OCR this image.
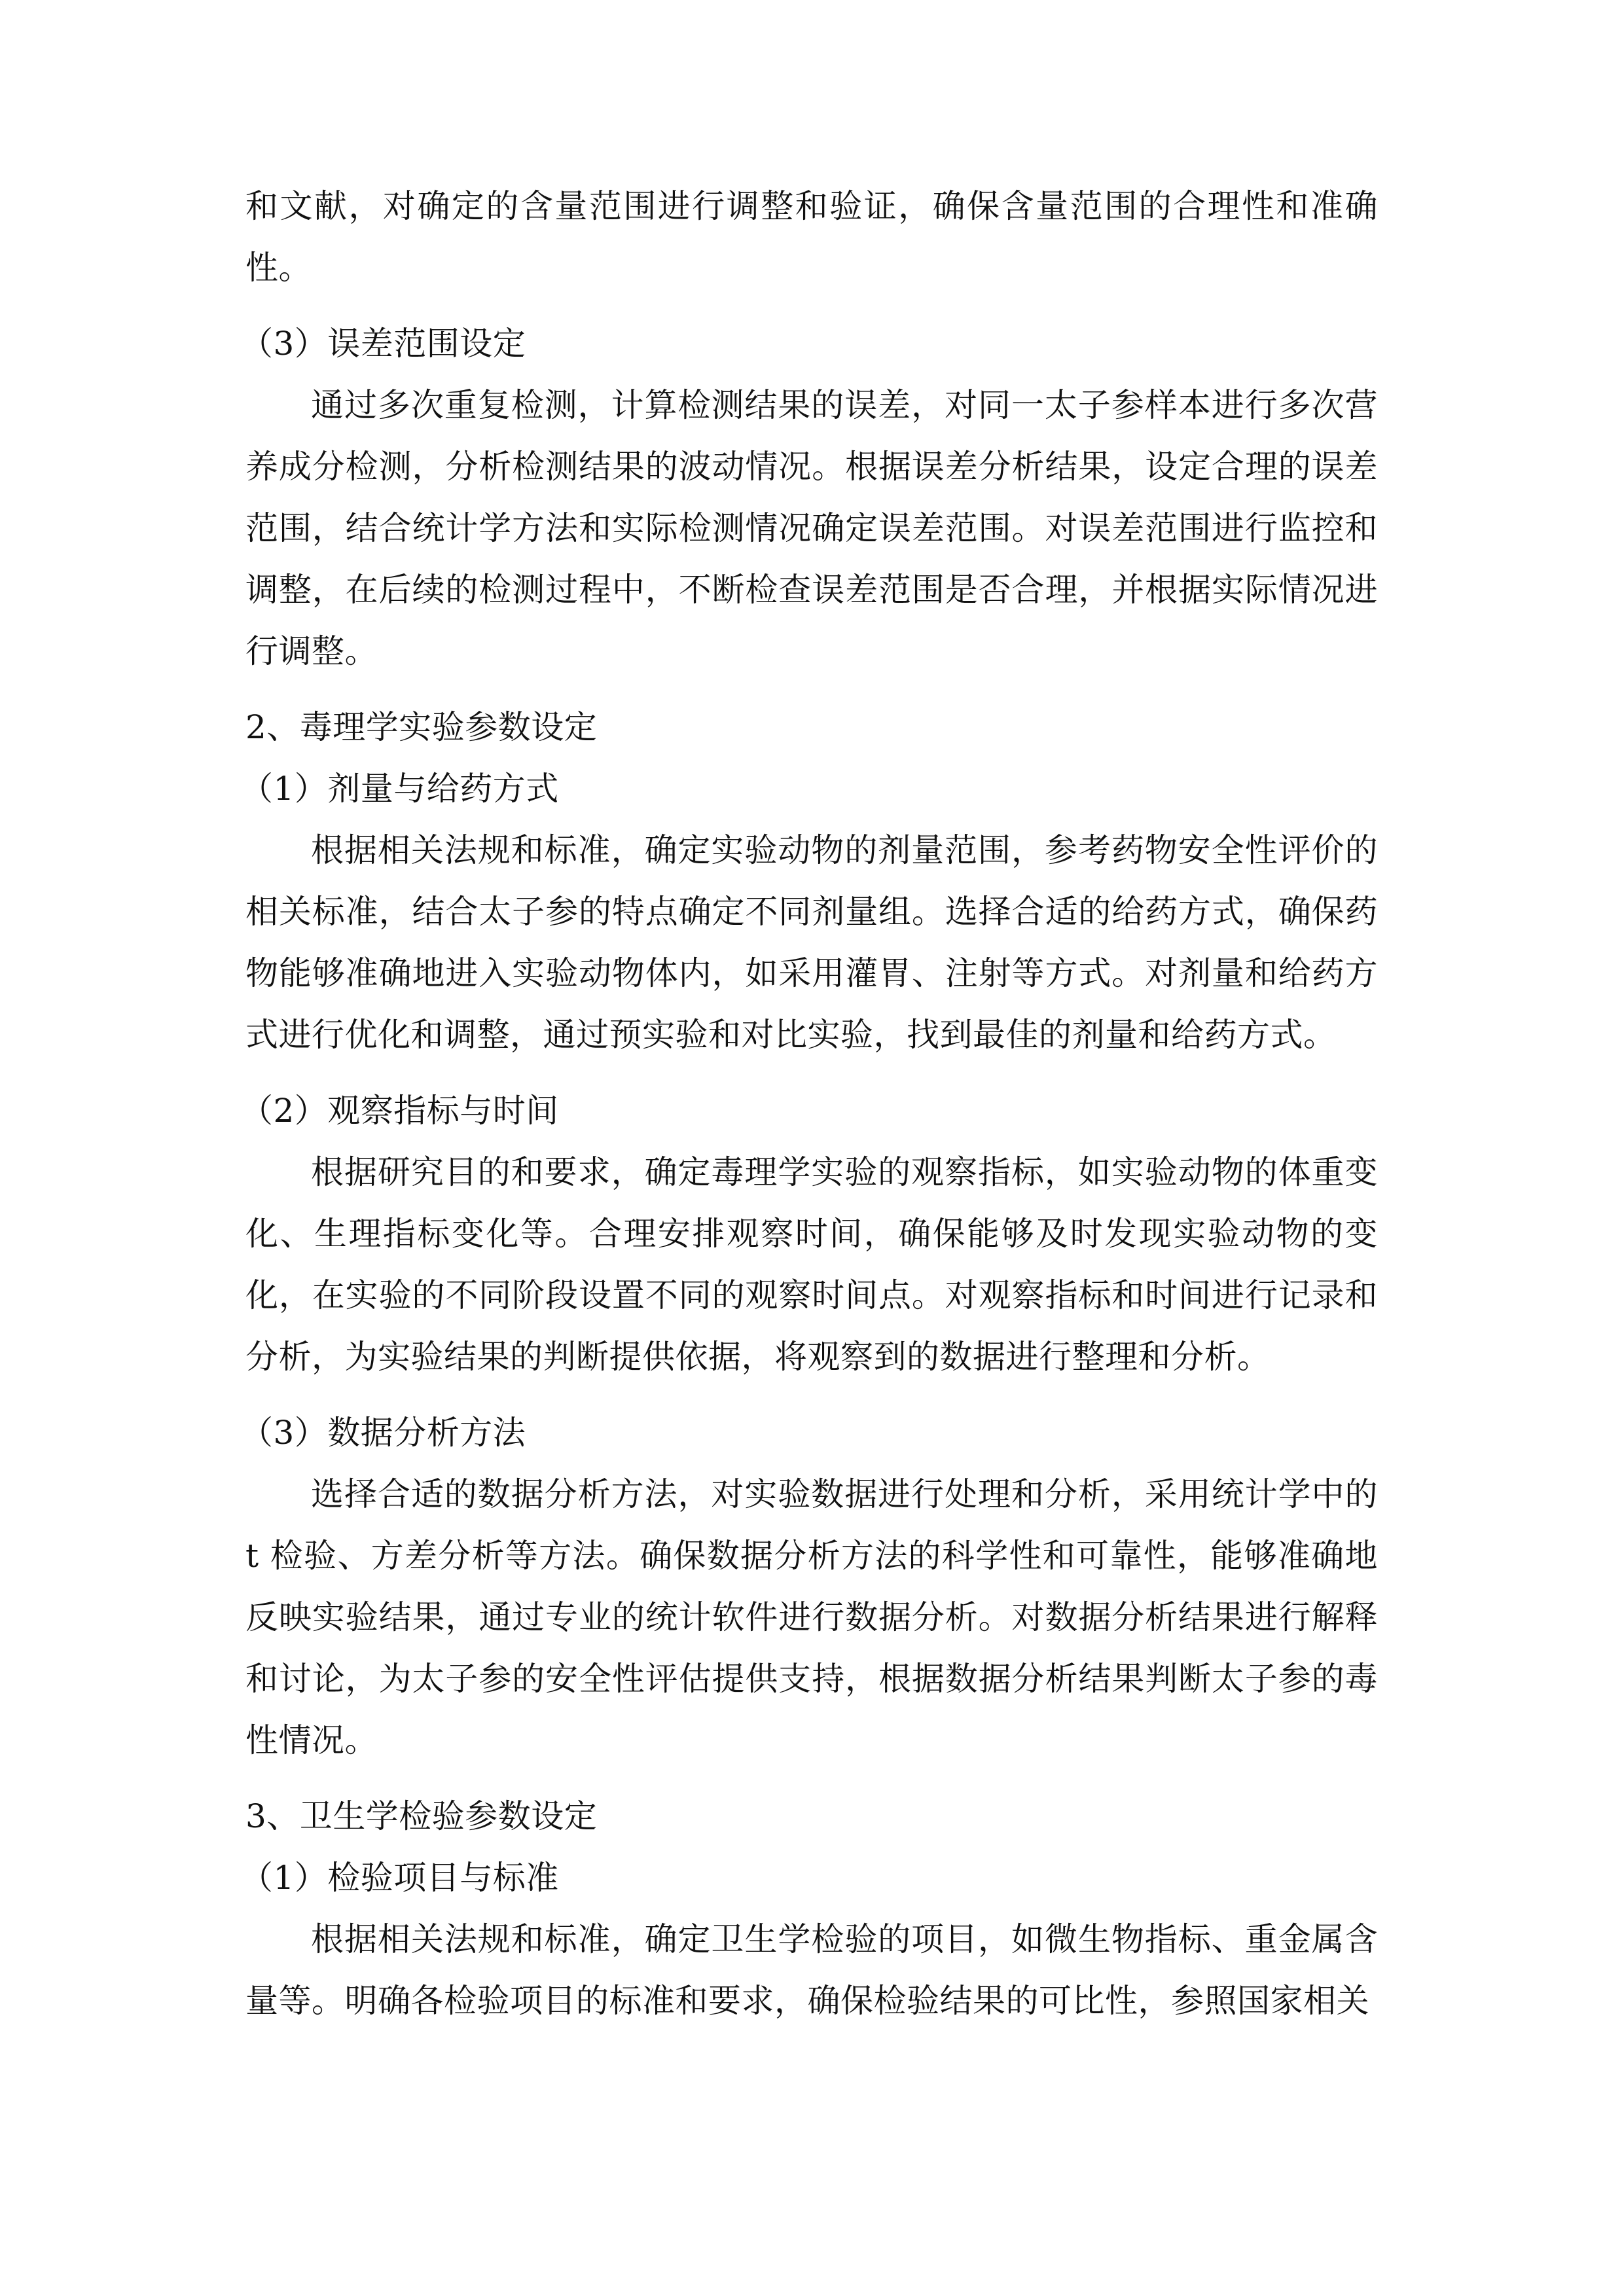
和文献，对确定的含量范围进行调整和验证，确保含量范围的合理性和准确性。

（3）误差范围设定

通过多次重复检测，计算检测结果的误差，对同一太子参样本进行多次营养成分检测，分析检测结果的波动情况。根据误差分析结果，设定合理的误差范围，结合统计学方法和实际检测情况确定误差范围。对误差范围进行监控和调整，在后续的检测过程中，不断检查误差范围是否合理，并根据实际情况进行调整。

2、毒理学实验参数设定

（1）剂量与给药方式

根据相关法规和标准，确定实验动物的剂量范围，参考药物安全性评价的相关标准，结合太子参的特点确定不同剂量组。选择合适的给药方式，确保药物能够准确地进入实验动物体内，如采用灌胃、注射等方式。对剂量和给药方式进行优化和调整，通过预实验和对比实验，找到最佳的剂量和给药方式。

（2）观察指标与时间

根据研究目的和要求，确定毒理学实验的观察指标，如实验动物的体重变化、生理指标变化等。合理安排观察时间，确保能够及时发现实验动物的变化，在实验的不同阶段设置不同的观察时间点。对观察指标和时间进行记录和分析，为实验结果的判断提供依据，将观察到的数据进行整理和分析。

（3）数据分析方法

选择合适的数据分析方法，对实验数据进行处理和分析，采用统计学中的 t 检验、方差分析等方法。确保数据分析方法的科学性和可靠性，能够准确地反映实验结果，通过专业的统计软件进行数据分析。对数据分析结果进行解释和讨论，为太子参的安全性评估提供支持，根据数据分析结果判断太子参的毒性情况。

3、卫生学检验参数设定

（1）检验项目与标准

根据相关法规和标准，确定卫生学检验的项目，如微生物指标、重金属含量等。明确各检验项目的标准和要求，确保检验结果的可比性，参照国家相关
